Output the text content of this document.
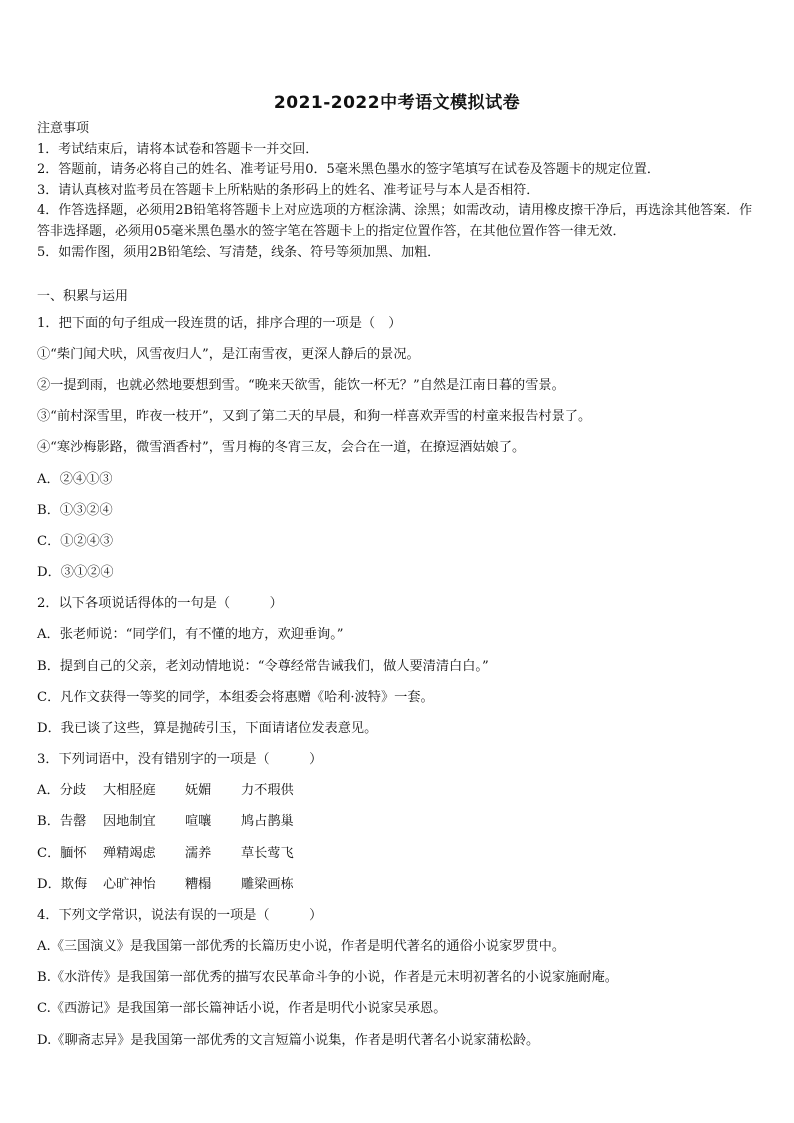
2021-2022中考语文模拟试卷
注意事项
1．考试结束后，请将本试卷和答题卡一并交回．
2．答题前，请务必将自己的姓名、准考证号用0．5毫米黑色墨水的签字笔填写在试卷及答题卡的规定位置．
3．请认真核对监考员在答题卡上所粘贴的条形码上的姓名、准考证号与本人是否相符．
4．作答选择题，必须用2B铅笔将答题卡上对应选项的方框涂满、涂黑；如需改动，请用橡皮擦干净后，再选涂其他答案．作答非选择题，必须用05毫米黑色墨水的签字笔在答题卡上的指定位置作答，在其他位置作答一律无效．
5．如需作图，须用2B铅笔绘、写清楚，线条、符号等须加黑、加粗．
一、积累与运用
1．把下面的句子组成一段连贯的话，排序合理的一项是（　）
①“柴门闻犬吠，风雪夜归人”，是江南雪夜，更深人静后的景况。
②一提到雨，也就必然地要想到雪。“晚来天欲雪，能饮一杯无？”自然是江南日暮的雪景。
③“前村深雪里，昨夜一枝开”，又到了第二天的早晨，和狗一样喜欢弄雪的村童来报告村景了。
④“寒沙梅影路，微雪酒香村”，雪月梅的冬宵三友，会合在一道，在撩逗酒姑娘了。
A．②④①③
B．①③②④
C．①②④③
D．③①②④
2．以下各项说话得体的一句是（　　　）
A．张老师说：“同学们，有不懂的地方，欢迎垂询。”
B．提到自己的父亲，老刘动情地说：“令尊经常告诫我们，做人要清清白白。”
C．凡作文获得一等奖的同学，本组委会将惠赠《哈利·波特》一套。
D．我已谈了这些，算是抛砖引玉，下面请诸位发表意见。
3．下列词语中，没有错别字的一项是（　　　）
A．分歧 大相胫庭 妩媚 力不瑕供
B．告罄 因地制宜 喧嚷 鸠占鹊巢
C．腼怀 殚精竭虑 濡养 草长莺飞
D．欺侮 心旷神怡 糟榻 雕梁画栋
4．下列文学常识，说法有误的一项是（　　　）
A.《三国演义》是我国第一部优秀的长篇历史小说，作者是明代著名的通俗小说家罗贯中。
B.《水浒传》是我国第一部优秀的描写农民革命斗争的小说，作者是元末明初著名的小说家施耐庵。
C.《西游记》是我国第一部长篇神话小说，作者是明代小说家吴承恩。
D.《聊斋志异》是我国第一部优秀的文言短篇小说集，作者是明代著名小说家蒲松龄。
